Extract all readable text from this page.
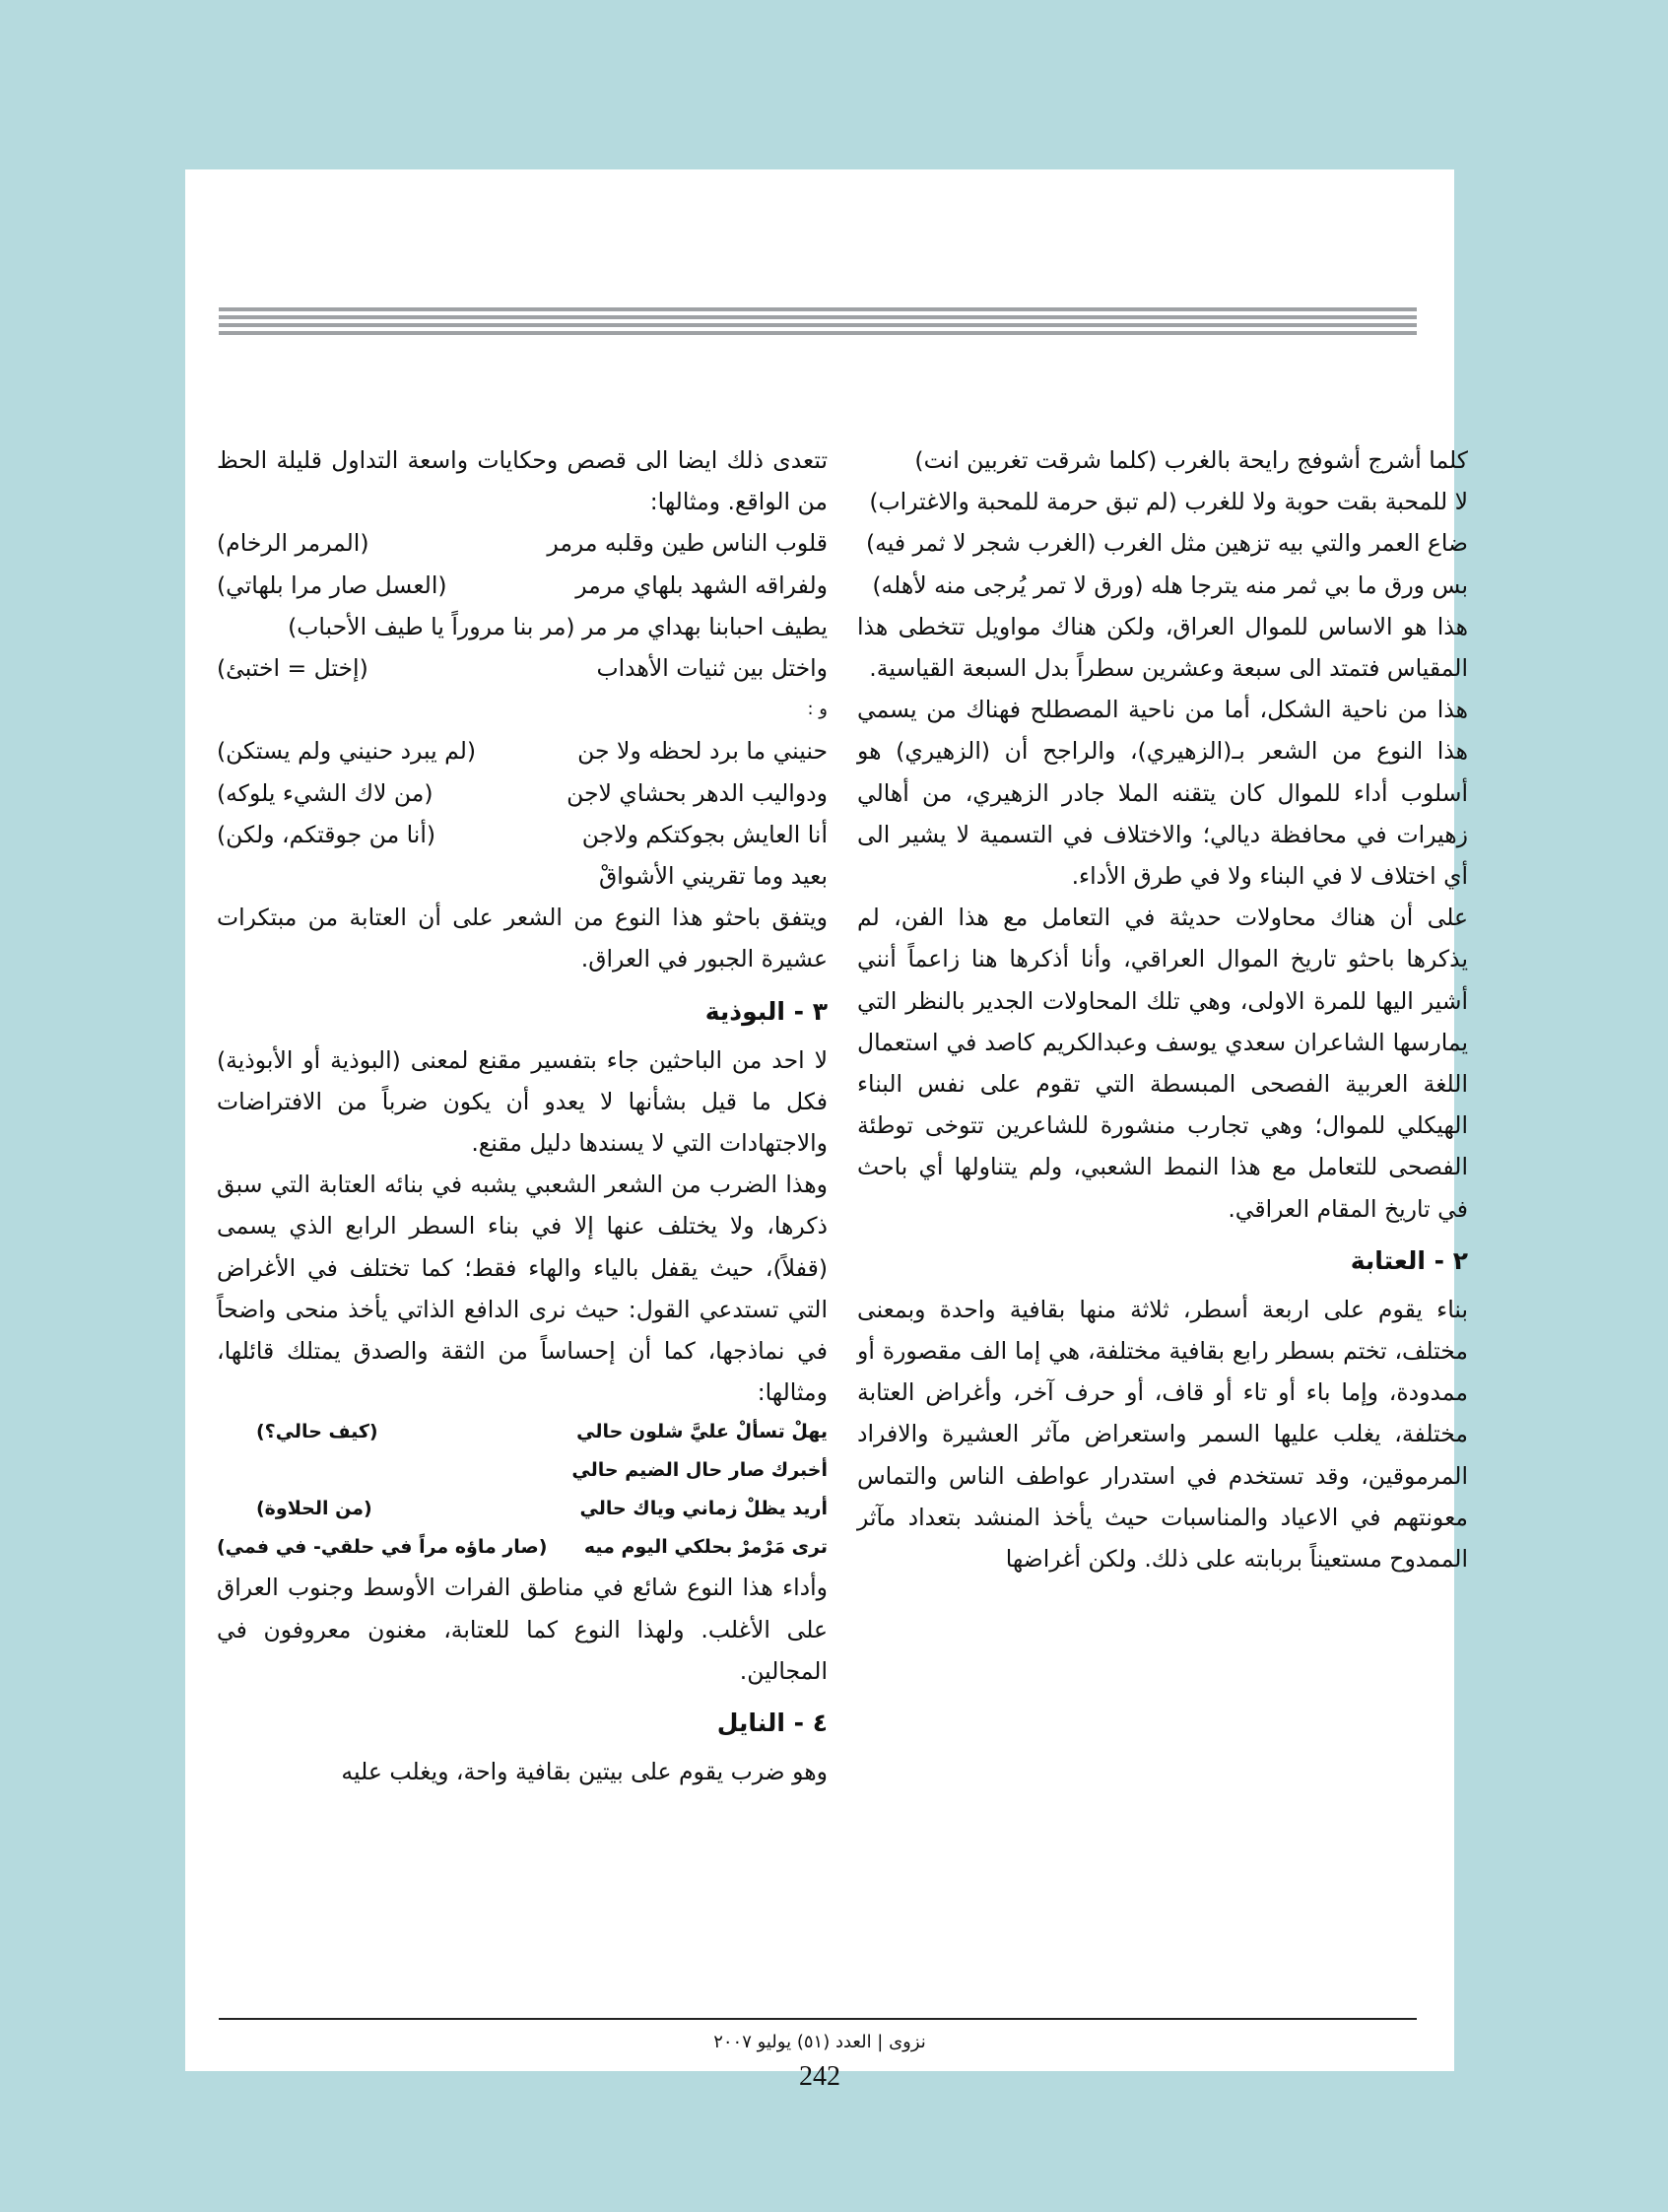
كلما أشرج أشوفج رايحة بالغرب (كلما شرقت تغربين انت)

لا للمحبة بقت حوبة ولا للغرب (لم تبق حرمة للمحبة والاغتراب)

ضاع العمر والتي بيه تزهين مثل الغرب (الغرب شجر لا ثمر فيه)

بس ورق ما بي ثمر منه يترجا هله (ورق لا تمر يُرجى منه لأهله)

هذا هو الاساس للموال العراق، ولكن هناك مواويل تتخطى هذا المقياس فتمتد الى سبعة وعشرين سطراً بدل السبعة القياسية.

هذا من ناحية الشكل، أما من ناحية المصطلح فهناك من يسمي هذا النوع من الشعر بـ(الزهيري)، والراجح أن (الزهيري) هو أسلوب أداء للموال كان يتقنه الملا جادر الزهيري، من أهالي زهيرات في محافظة ديالي؛ والاختلاف في التسمية لا يشير الى أي اختلاف لا في البناء ولا في طرق الأداء.

على أن هناك محاولات حديثة في التعامل مع هذا الفن، لم يذكرها باحثو تاريخ الموال العراقي، وأنا أذكرها هنا زاعماً أنني أشير اليها للمرة الاولى، وهي تلك المحاولات الجدير بالنظر التي يمارسها الشاعران سعدي يوسف وعبدالكريم كاصد في استعمال اللغة العربية الفصحى المبسطة التي تقوم على نفس البناء الهيكلي للموال؛ وهي تجارب منشورة للشاعرين تتوخى توطئة الفصحى للتعامل مع هذا النمط الشعبي، ولم يتناولها أي باحث في تاريخ المقام العراقي.

٢ - العتابة

بناء يقوم على اربعة أسطر، ثلاثة منها بقافية واحدة وبمعنى مختلف، تختم بسطر رابع بقافية مختلفة، هي إما الف مقصورة أو ممدودة، وإما باء أو تاء أو قاف، أو حرف آخر، وأغراض العتابة مختلفة، يغلب عليها السمر واستعراض مآثر العشيرة والافراد المرموقين، وقد تستخدم في استدرار عواطف الناس والتماس معونتهم في الاعياد والمناسبات حيث يأخذ المنشد بتعداد مآثر الممدوح مستعيناً بربابته على ذلك. ولكن أغراضها

تتعدى ذلك ايضا الى قصص وحكايات واسعة التداول قليلة الحظ من الواقع. ومثالها:

قلوب الناس طين وقلبه مرمر
(المرمر الرخام)
ولفراقه الشهد بلهاي مرمر
(العسل صار مرا بلهاتي)

يطيف احبابنا بهداي مر مر (مر بنا مروراً يا طيف الأحباب)

واختل بين ثنيات الأهداب
(إختل = اختبئ)

و :

حنيني ما برد لحظه ولا جن
(لم يبرد حنيني ولم يستكن)
ودواليب الدهر بحشاي لاجن
(من لاك الشيء يلوكه)
أنا العايش بجوكتكم ولاجن
(أنا من جوقتكم، ولكن)

بعيد وما تقريني الأشواقْ

ويتفق باحثو هذا النوع من الشعر على أن العتابة من مبتكرات عشيرة الجبور في العراق.

٣ - البوذية

لا احد من الباحثين جاء بتفسير مقنع لمعنى (البوذية أو الأبوذية) فكل ما قيل بشأنها لا يعدو أن يكون ضرباً من الافتراضات والاجتهادات التي لا يسندها دليل مقنع.

وهذا الضرب من الشعر الشعبي يشبه في بنائه العتابة التي سبق ذكرها، ولا يختلف عنها إلا في بناء السطر الرابع الذي يسمى (قفلاً)، حيث يقفل بالياء والهاء فقط؛ كما تختلف في الأغراض التي تستدعي القول: حيث نرى الدافع الذاتي يأخذ منحى واضحاً في نماذجها، كما أن إحساساً من الثقة والصدق يمتلك قائلها، ومثالها:

يهلْ تسألْ عليَّ شلون حالي
(كيف حالي؟)
أخبرك صار حال الضيم حالي
أريد يظلْ زماني وياك حالي
(من الحلاوة)
ترى مَرْمرْ بحلكي اليوم ميه
(صار ماؤه مراً في حلقي- في فمي)

وأداء هذا النوع شائع في مناطق الفرات الأوسط وجنوب العراق على الأغلب. ولهذا النوع كما للعتابة، مغنون معروفون في المجالين.

٤ - النايل

وهو ضرب يقوم على بيتين بقافية واحة، ويغلب عليه

نزوى | العدد (٥١) يوليو ٢٠٠٧
242
